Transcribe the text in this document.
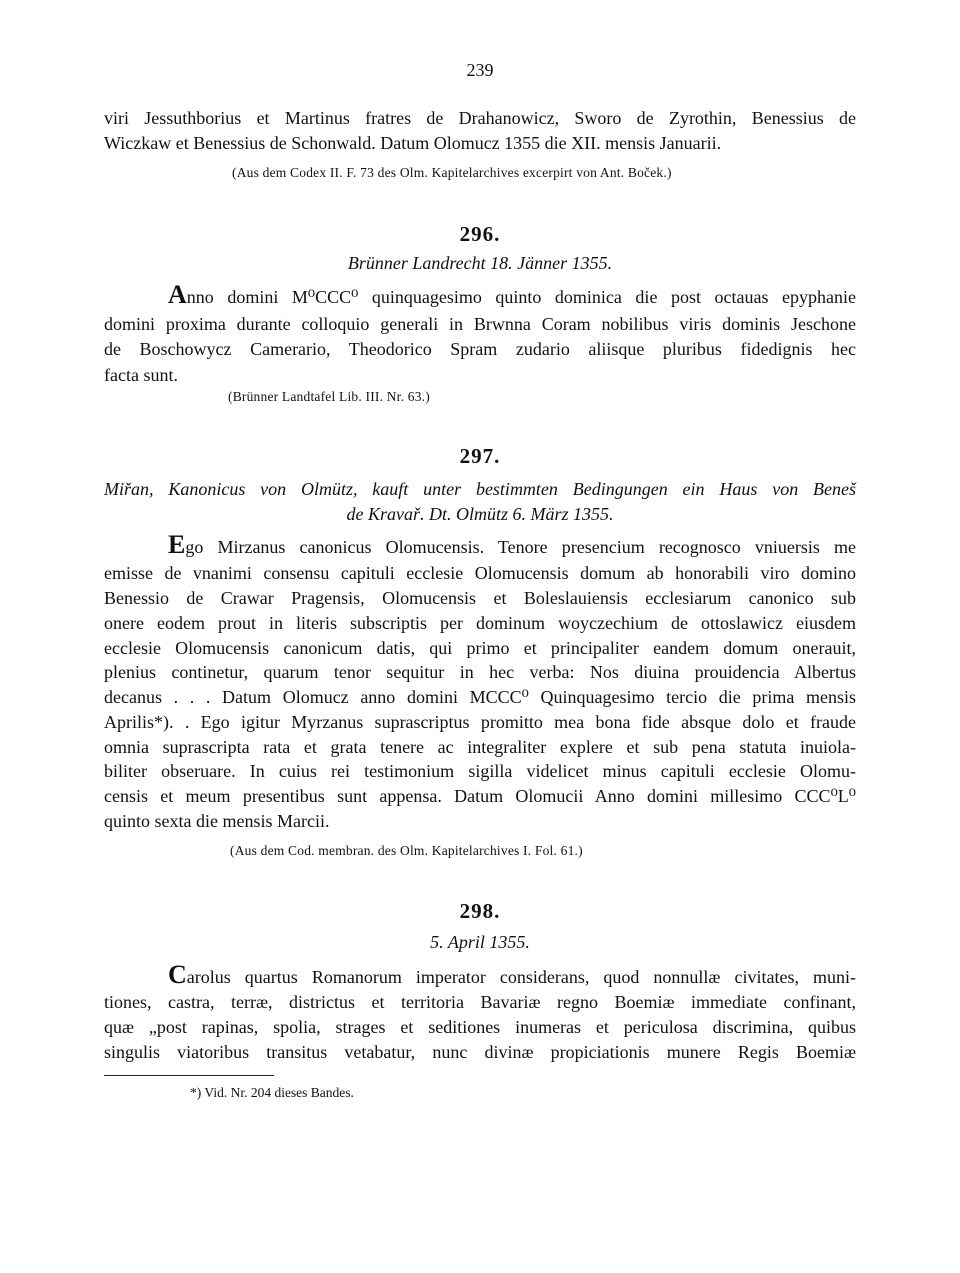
239
viri Jessuthborius et Martinus fratres de Drahanowicz, Sworo de Zyrothin, Benessius de
Wiczkaw et Benessius de Schonwald. Datum Olomucz 1355 die XII. mensis Januarii.
(Aus dem Codex II. F. 73 des Olm. Kapitelarchives excerpirt von Ant. Boček.)
296.
Brünner Landrecht 18. Jänner 1355.
Anno domini M⁰CCC⁰ quinquagesimo quinto dominica die post octauas epyphanie
domini proxima durante colloquio generali in Brwnna Coram nobilibus viris dominis Jeschone
de Boschowycz Camerario, Theodorico Spram zudario aliisque pluribus fidedignis hec
facta sunt.
(Brünner Landtafel Lib. III. Nr. 63.)
297.
Miřan, Kanonicus von Olmütz, kauft unter bestimmten Bedingungen ein Haus von Beneš
de Kravař. Dt. Olmütz 6. März 1355.
Ego Mirzanus canonicus Olomucensis. Tenore presencium recognosco vniuersis me
emisse de vnanimi consensu capituli ecclesie Olomucensis domum ab honorabili viro domino
Benessio de Crawar Pragensis, Olomucensis et Boleslauiensis ecclesiarum canonico sub
onere eodem prout in literis subscriptis per dominum woyczechium de ottoslawicz eiusdem
ecclesie Olomucensis canonicum datis, qui primo et principaliter eandem domum onerauit,
plenius continetur, quarum tenor sequitur in hec verba: Nos diuina prouidencia Albertus
decanus . . . Datum Olomucz anno domini MCCC⁰ Quinquagesimo tercio die prima mensis
Aprilis*). . Ego igitur Myrzanus suprascriptus promitto mea bona fide absque dolo et fraude
omnia suprascripta rata et grata tenere ac integraliter explere et sub pena statuta inuiola-
biliter obseruare. In cuius rei testimonium sigilla videlicet minus capituli ecclesie Olomu-
censis et meum presentibus sunt appensa. Datum Olomucii Anno domini millesimo CCC⁰L⁰
quinto sexta die mensis Marcii.
(Aus dem Cod. membran. des Olm. Kapitelarchives I. Fol. 61.)
298.
5. April 1355.
Carolus quartus Romanorum imperator considerans, quod nonnullæ civitates, muni-
tiones, castra, terræ, districtus et territoria Bavariæ regno Boemiæ immediate confinant,
quæ „post rapinas, spolia, strages et seditiones inumeras et periculosa discrimina, quibus
singulis viatoribus transitus vetabatur, nunc divinæ propiciationis munere Regis Boemiæ
*) Vid. Nr. 204 dieses Bandes.
